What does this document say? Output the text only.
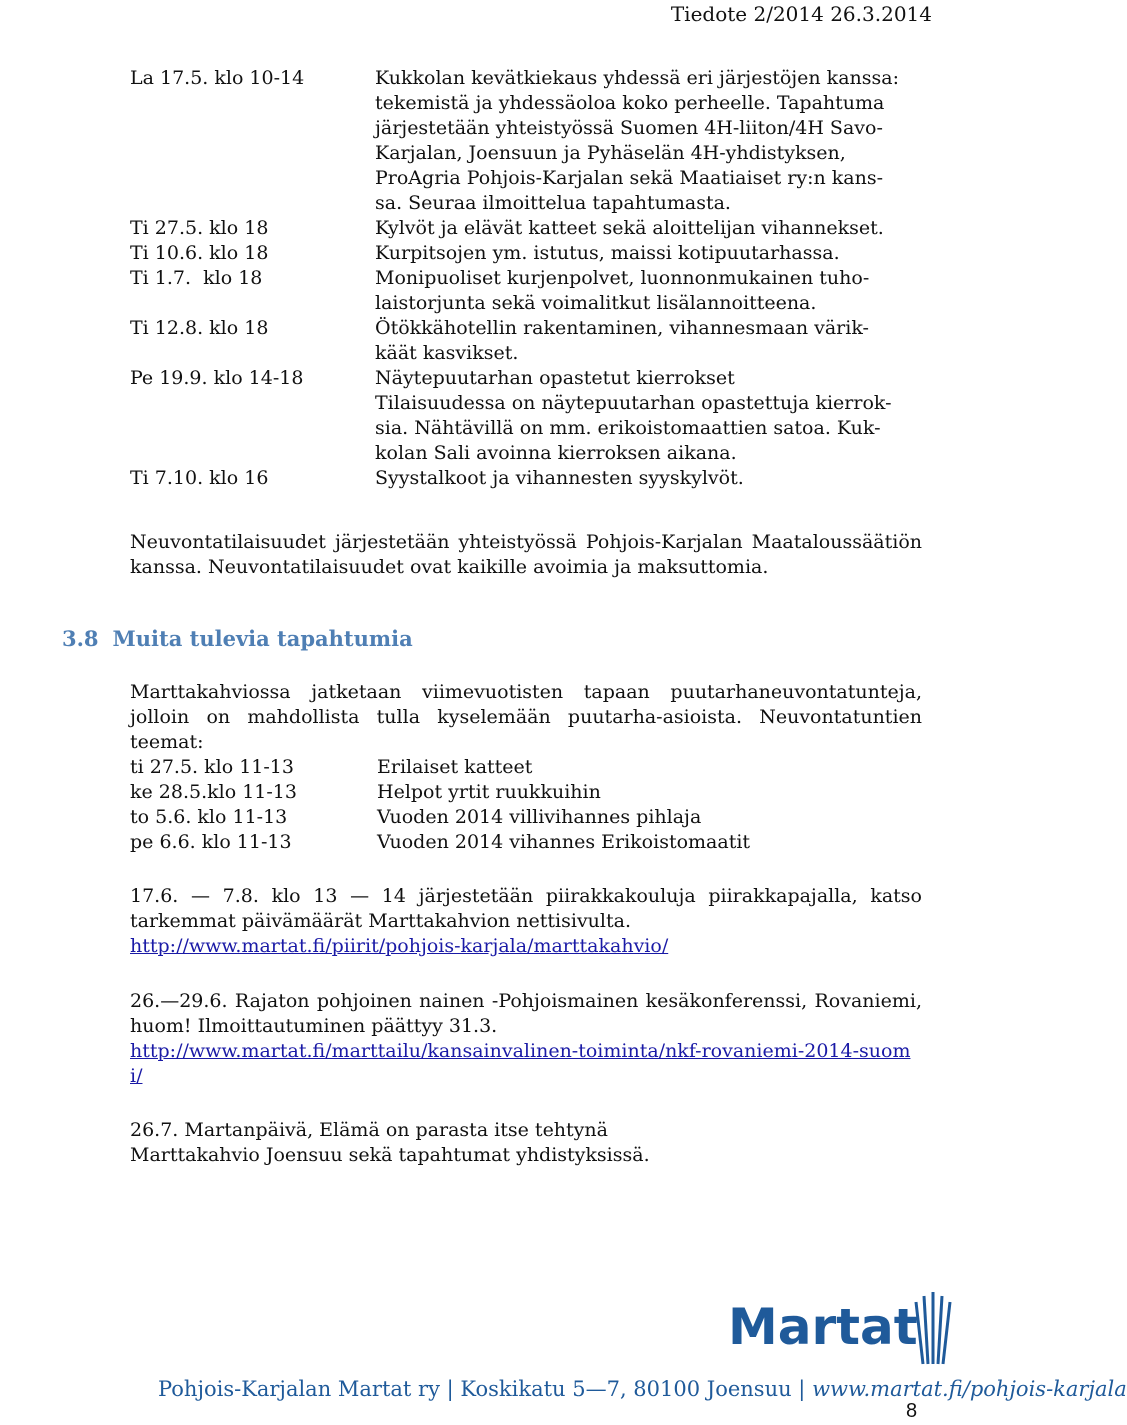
Tiedote 2/2014 26.3.2014
La 17.5. klo 10-14	Kukkolan kevätkiekaus yhdessä eri järjestöjen kanssa:
tekemistä ja yhdessäoloa koko perheelle. Tapahtuma
järjestetään yhteistyössä Suomen 4H-liiton/4H Savo-
Karjalan, Joensuun ja Pyhäselän 4H-yhdistyksen,
ProAgria Pohjois-Karjalan sekä Maatiaiset ry:n kans-
sa. Seuraa ilmoittelua tapahtumasta.
Ti 27.5. klo 18	Kylvöt ja elävät katteet sekä aloittelijan vihannekset.
Ti 10.6. klo 18	Kurpitsojen ym. istutus, maissi kotipuutarhassa.
Ti 1.7.  klo 18	Monipuoliset kurjenpolvet, luonnonmukainen tuho-
laistorjunta sekä voimalitkut lisälannoitteena.
Ti 12.8. klo 18	Ötökkähotellin rakentaminen, vihannesmaan värik-
käät kasvikset.
Pe 19.9. klo 14-18	Näytepuutarhan opastetut kierrokset
Tilaisuudessa on näytepuutarhan opastettuja kierrok-
sia. Nähtävillä on mm. erikoistomaattien satoa. Kuk-
kolan Sali avoinna kierroksen aikana.
Ti 7.10. klo 16	Syystalkoot ja vihannesten syyskylvöt.

Neuvontatilaisuudet järjestetään yhteistyössä Pohjois-Karjalan Maataloussäätiön kanssa. Neuvontatilaisuudet ovat kaikille avoimia ja maksuttomia.

3.8 Muita tulevia tapahtumia

Marttakahviossa jatketaan viimevuotisten tapaan puutarhaneuvontatunteja, jolloin on mahdollista tulla kyselemään puutarha-asioista. Neuvontatuntien teemat:

ti 27.5. klo 11-13	Erilaiset katteet
ke 28.5.klo 11-13	Helpot yrtit ruukkuihin
to 5.6. klo 11-13	Vuoden 2014 villivihannes pihlaja
pe 6.6. klo 11-13	Vuoden 2014 vihannes Erikoistomaatit

17.6. — 7.8. klo 13 — 14 järjestetään piirakkakouluja piirakkapajalla, katso tarkemmat päivämäärät Marttakahvion nettisivulta.

http://www.martat.fi/piirit/pohjois-karjala/marttakahvio/

26.—29.6. Rajaton pohjoinen nainen -Pohjoismainen kesäkonferenssi, Rovaniemi, huom! Ilmoittautuminen päättyy 31.3.

http://www.martat.fi/marttailu/kansainvalinen-toiminta/nkf-rovaniemi-2014-suomi/

26.7. Martanpäivä, Elämä on parasta itse tehtynä

Marttakahvio Joensuu sekä tapahtumat yhdistyksissä.

Martat
Pohjois-Karjalan Martat ry | Koskikatu 5—7, 80100 Joensuu | www.martat.fi/pohjois-karjala
8
